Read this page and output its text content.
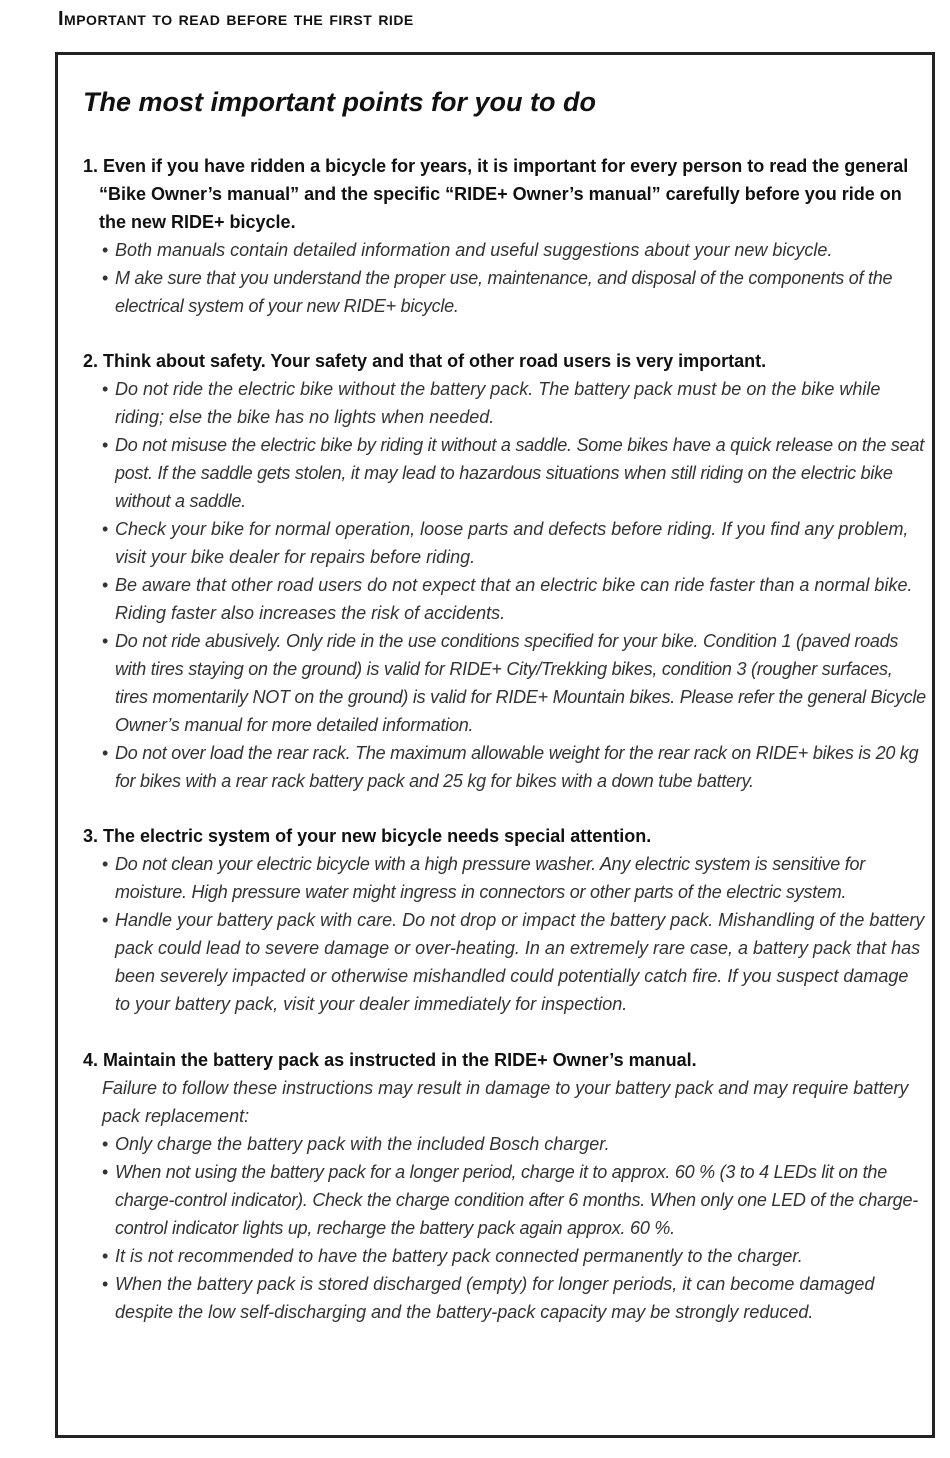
Important to read before the first ride
The most important points for you to do

1. Even if you have ridden a bicycle for years, it is important for every person to read the general “Bike Owner’s manual” and the specific “RIDE+ Owner’s manual” carefully before you ride on the new RIDE+ bicycle.

• Both manuals contain detailed information and useful suggestions about your new bicycle.
• M ake sure that you understand the proper use, maintenance, and disposal of the components of the electrical system of your new RIDE+ bicycle.

2. Think about safety. Your safety and that of other road users is very important.

• Do not ride the electric bike without the battery pack. The battery pack must be on the bike while riding; else the bike has no lights when needed.
• Do not misuse the electric bike by riding it without a saddle. Some bikes have a quick release on the seat post. If the saddle gets stolen, it may lead to hazardous situations when still riding on the electric bike without a saddle.
• Check your bike for normal operation, loose parts and defects before riding. If you find any problem, visit your bike dealer for repairs before riding.
• Be aware that other road users do not expect that an electric bike can ride faster than a normal bike. Riding faster also increases the risk of accidents.
• Do not ride abusively. Only ride in the use conditions specified for your bike. Condition 1 (paved roads with tires staying on the ground) is valid for RIDE+ City/Trekking bikes, condition 3 (rougher surfaces, tires momentarily NOT on the ground) is valid for RIDE+ Mountain bikes. Please refer the general Bicycle Owner’s manual for more detailed information.
• Do not over load the rear rack. The maximum allowable weight for the rear rack on RIDE+ bikes is 20 kg for bikes with a rear rack battery pack and 25 kg for bikes with a down tube battery.

3. The electric system of your new bicycle needs special attention.

• Do not clean your electric bicycle with a high pressure washer. Any electric system is sensitive for moisture. High pressure water might ingress in connectors or other parts of the electric system.
• Handle your battery pack with care. Do not drop or impact the battery pack. Mishandling of the battery pack could lead to severe damage or over-heating. In an extremely rare case, a battery pack that has been severely impacted or otherwise mishandled could potentially catch fire. If you suspect damage to your battery pack, visit your dealer immediately for inspection.

4. Maintain the battery pack as instructed in the RIDE+ Owner’s manual.

Failure to follow these instructions may result in damage to your battery pack and may require battery pack replacement:

• Only charge the battery pack with the included Bosch charger.
• When not using the battery pack for a longer period, charge it to approx. 60 % (3 to 4 LEDs lit on the charge-control indicator). Check the charge condition after 6 months. When only one LED of the charge-control indicator lights up, recharge the battery pack again approx. 60 %.
• It is not recommended to have the battery pack connected permanently to the charger.
• When the battery pack is stored discharged (empty) for longer periods, it can become damaged despite the low self-discharging and the battery-pack capacity may be strongly reduced.
